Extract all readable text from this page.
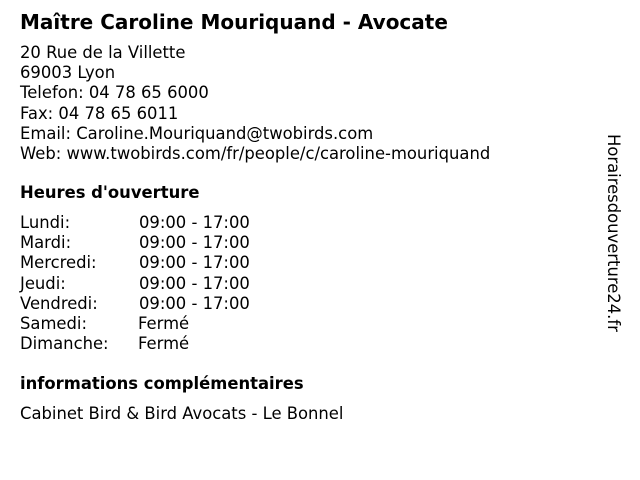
Maître Caroline Mouriquand - Avocate
20 Rue de la Villette
69003 Lyon
Telefon: 04 78 65 6000
Fax: 04 78 65 6011
Email: Caroline.Mouriquand@twobirds.com
Web: www.twobirds.com/fr/people/c/caroline-mouriquand
Heures d'ouverture
Lundi:	09:00 - 17:00
Mardi:	09:00 - 17:00
Mercredi:	09:00 - 17:00
Jeudi:	09:00 - 17:00
Vendredi:	09:00 - 17:00
Samedi:	Fermé
Dimanche: Fermé
informations complémentaires
Cabinet Bird & Bird Avocats - Le Bonnel
Horairesdouverture24.fr
